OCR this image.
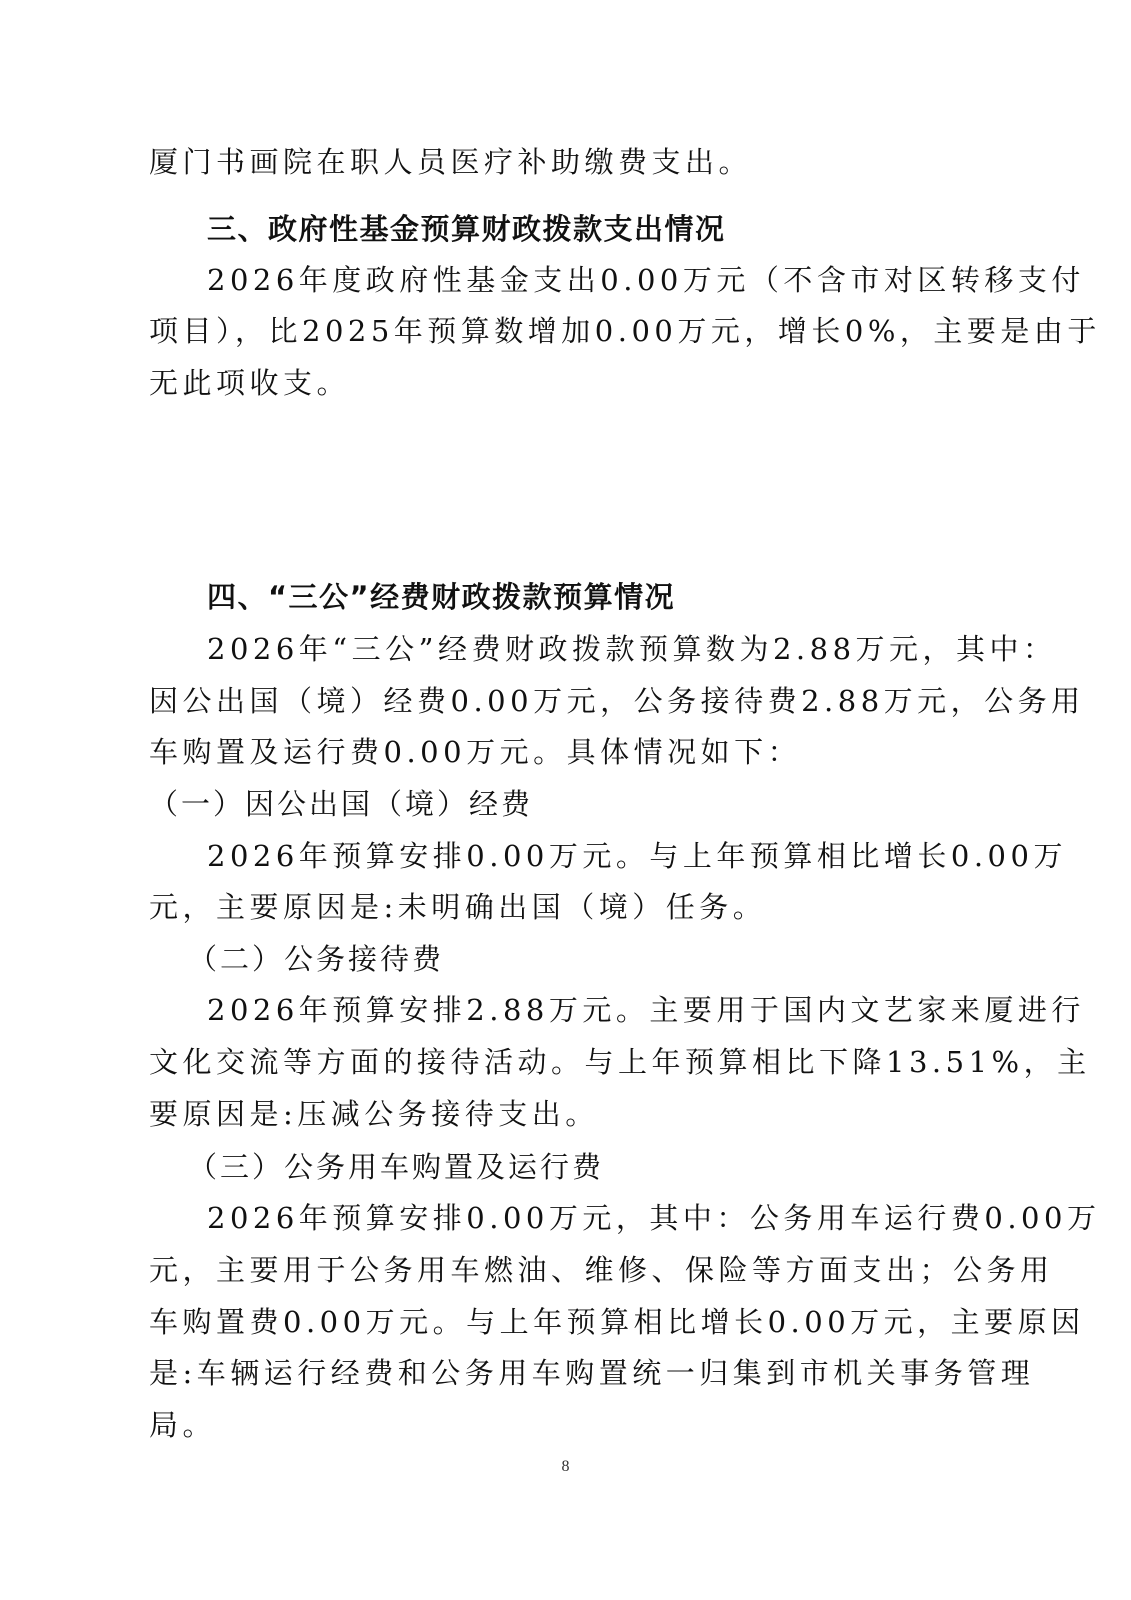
厦门书画院在职人员医疗补助缴费支出。
三、政府性基金预算财政拨款支出情况
2026年度政府性基金支出0.00万元（不含市对区转移支付
项目），比2025年预算数增加0.00万元，增长0%，主要是由于
无此项收支。
四、“三公”经费财政拨款预算情况
2026年“三公”经费财政拨款预算数为2.88万元，其中：
因公出国（境）经费0.00万元，公务接待费2.88万元，公务用
车购置及运行费0.00万元。具体情况如下：
（一）因公出国（境）经费
2026年预算安排0.00万元。与上年预算相比增长0.00万
元，主要原因是:未明确出国（境）任务。
（二）公务接待费
2026年预算安排2.88万元。主要用于国内文艺家来厦进行
文化交流等方面的接待活动。与上年预算相比下降13.51%，主
要原因是:压减公务接待支出。
（三）公务用车购置及运行费
2026年预算安排0.00万元，其中：公务用车运行费0.00万
元，主要用于公务用车燃油、维修、保险等方面支出；公务用
车购置费0.00万元。与上年预算相比增长0.00万元，主要原因
是:车辆运行经费和公务用车购置统一归集到市机关事务管理
局。
8
